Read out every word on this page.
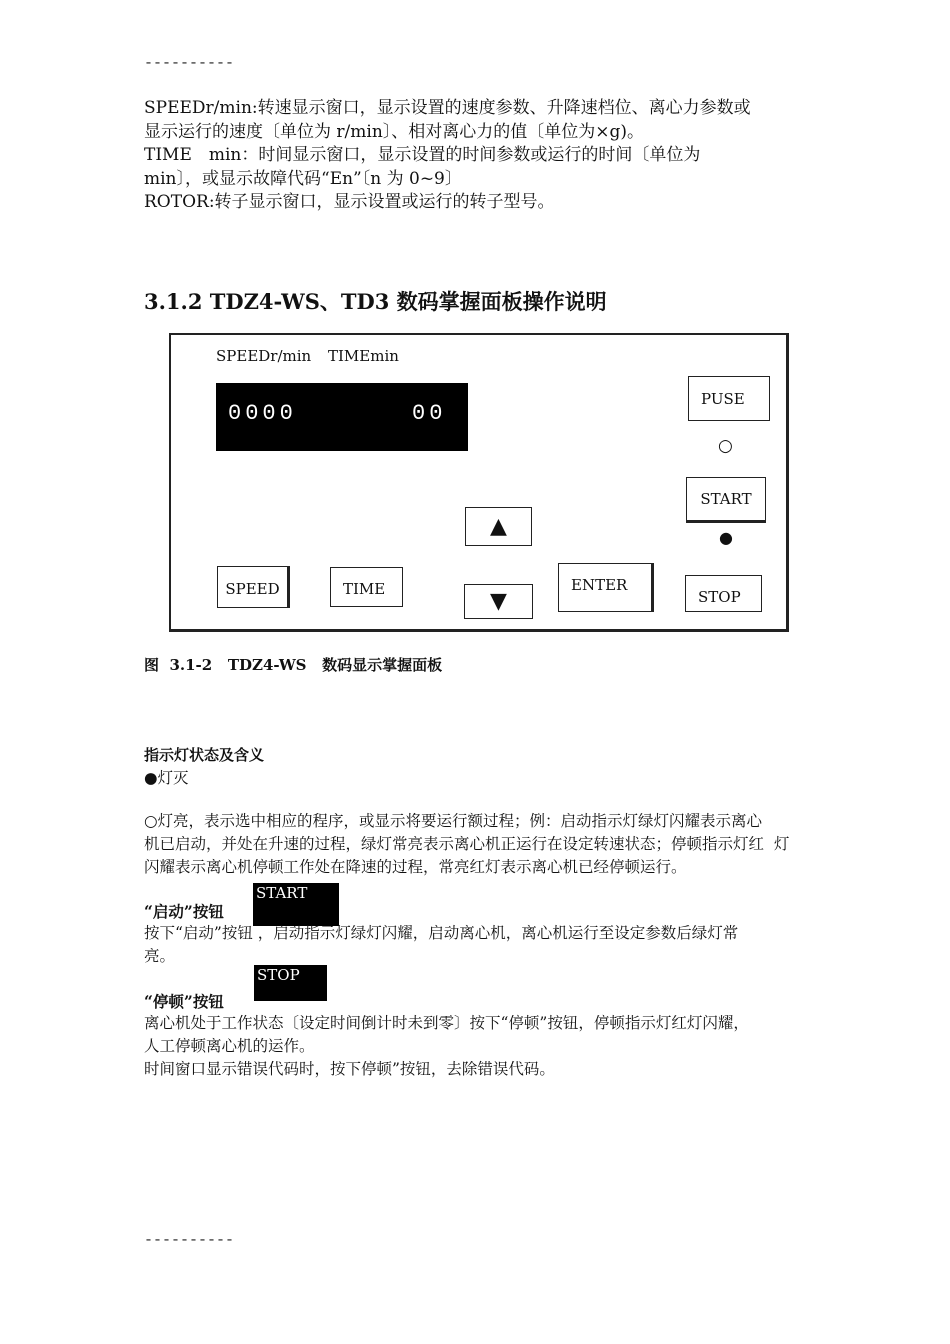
----------

SPEEDr/min:转速显示窗口，显示设置的速度参数、升降速档位、离心力参数或

显示运行的速度〔单位为 r/min〕、相对离心力的值〔单位为×g)。

TIME　min：时间显示窗口，显示设置的时间参数或运行的时间〔单位为

min〕，或显示故障代码“En”〔n 为 0~9〕

ROTOR:转子显示窗口，显示设置或运行的转子型号。

3.1.2 TDZ4-WS、TD3 数码掌握面板操作说明
SPEEDr/min TIMEmin
0000	00
PUSE
○
START
●
▲
▼
SPEED	TIME	ENTER
STOP
图  3.1-2   TDZ4-WS   数码显示掌握面板
指示灯状态及含义
●灯灭

○灯亮，表示选中相应的程序，或显示将要运行额过程；例：启动指示灯绿灯闪耀表示离心

机已启动，并处在升速的过程，绿灯常亮表示离心机正运行在设定转速状态；停顿指示灯红  灯

闪耀表示离心机停顿工作处在降速的过程，常亮红灯表示离心机已经停顿运行。

“启动”按钮
START

按下“启动”按钮 ，启动指示灯绿灯闪耀，启动离心机，离心机运行至设定参数后绿灯常

亮。

“停顿”按钮
STOP

离心机处于工作状态〔设定时间倒计时未到零〕按下“停顿”按钮，停顿指示灯红灯闪耀，

人工停顿离心机的运作。

时间窗口显示错误代码时，按下停顿”按钮，去除错误代码。

----------
